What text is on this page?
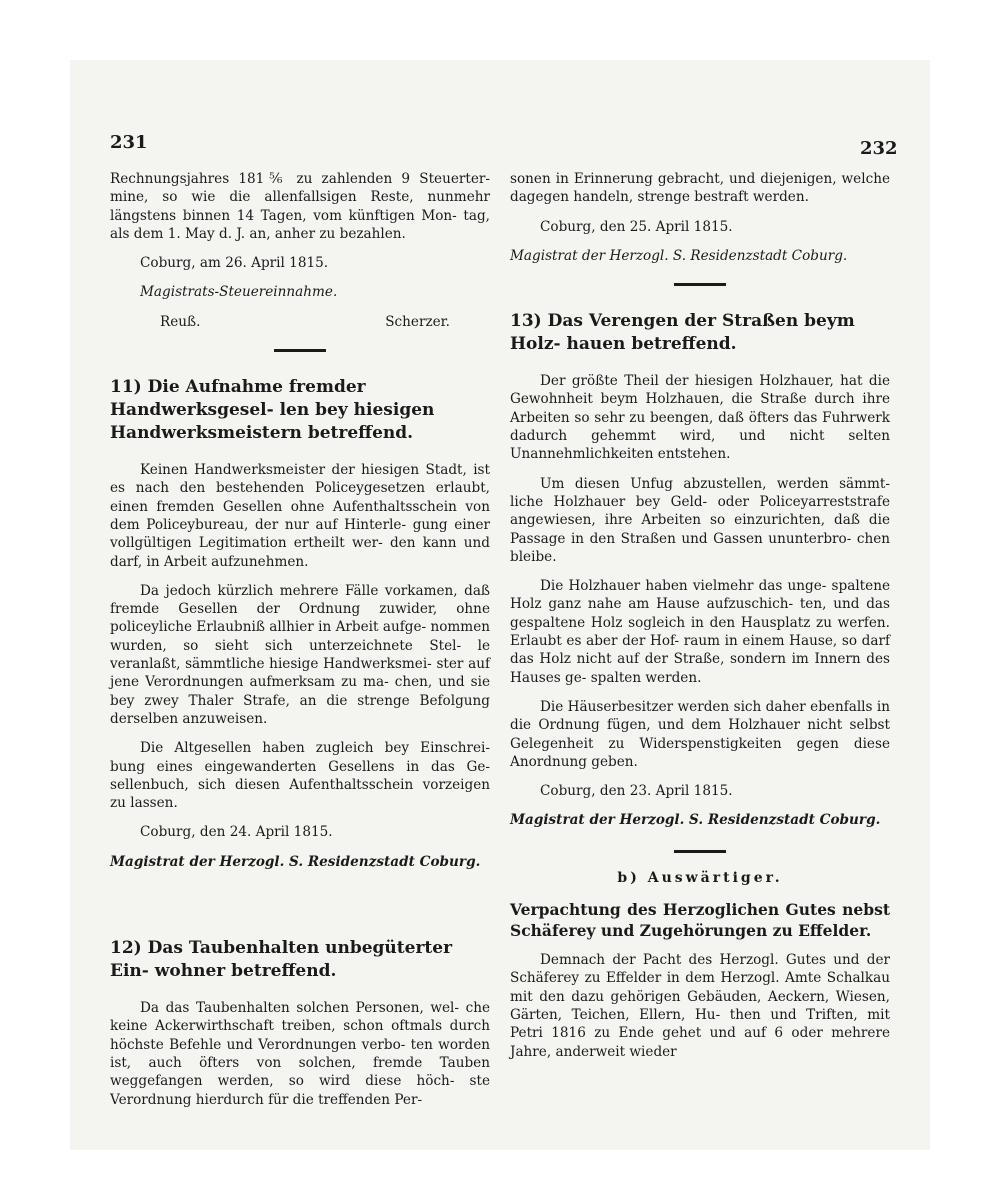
231	232

Rechnungsjahres 181⅚ zu zahlenden 9 Steuerter- mine, so wie die allenfallsigen Reste, nunmehr längstens binnen 14 Tagen, vom künftigen Mon- tag, als dem 1. May d. J. an, anher zu bezahlen.

Coburg, am 26. April 1815.

Magistrats-Steuereinnahme.

Reuß.	Scherzer.
11) Die Aufnahme fremder Handwerksgesel- len bey hiesigen Handwerksmeistern betreffend.

Keinen Handwerksmeister der hiesigen Stadt, ist es nach den bestehenden Policeygesetzen erlaubt, einen fremden Gesellen ohne Aufenthaltsschein von dem Policeybureau, der nur auf Hinterle- gung einer vollgültigen Legitimation ertheilt wer- den kann und darf, in Arbeit aufzunehmen.

Da jedoch kürzlich mehrere Fälle vorkamen, daß fremde Gesellen der Ordnung zuwider, ohne policeyliche Erlaubniß allhier in Arbeit aufge- nommen wurden, so sieht sich unterzeichnete Stel- le veranlaßt, sämmtliche hiesige Handwerksmei- ster auf jene Verordnungen aufmerksam zu ma- chen, und sie bey zwey Thaler Strafe, an die strenge Befolgung derselben anzuweisen.

Die Altgesellen haben zugleich bey Einschrei- bung eines eingewanderten Gesellens in das Ge- sellenbuch, sich diesen Aufenthaltsschein vorzeigen zu lassen.

Coburg, den 24. April 1815.

Magistrat der Herzogl. S. Residenzstadt Coburg.

12) Das Taubenhalten unbegüterter Ein- wohner betreffend.

Da das Taubenhalten solchen Personen, wel- che keine Ackerwirthschaft treiben, schon oftmals durch höchste Befehle und Verordnungen verbo- ten worden ist, auch öfters von solchen, fremde Tauben weggefangen werden, so wird diese höch- ste Verordnung hierdurch für die treffenden Per-

sonen in Erinnerung gebracht, und diejenigen, welche dagegen handeln, strenge bestraft werden.

Coburg, den 25. April 1815.

Magistrat der Herzogl. S. Residenzstadt Coburg.

13) Das Verengen der Straßen beym Holz- hauen betreffend.

Der größte Theil der hiesigen Holzhauer, hat die Gewohnheit beym Holzhauen, die Straße durch ihre Arbeiten so sehr zu beengen, daß öfters das Fuhrwerk dadurch gehemmt wird, und nicht selten Unannehmlichkeiten entstehen.

Um diesen Unfug abzustellen, werden sämmt- liche Holzhauer bey Geld- oder Policeyarreststrafe angewiesen, ihre Arbeiten so einzurichten, daß die Passage in den Straßen und Gassen ununterbro- chen bleibe.

Die Holzhauer haben vielmehr das unge- spaltene Holz ganz nahe am Hause aufzuschich- ten, und das gespaltene Holz sogleich in den Hausplatz zu werfen. Erlaubt es aber der Hof- raum in einem Hause, so darf das Holz nicht auf der Straße, sondern im Innern des Hauses ge- spalten werden.

Die Häuserbesitzer werden sich daher ebenfalls in die Ordnung fügen, und dem Holzhauer nicht selbst Gelegenheit zu Widerspenstigkeiten gegen diese Anordnung geben.

Coburg, den 23. April 1815.

Magistrat der Herzogl. S. Residenzstadt Coburg.

b) Auswärtiger.

Verpachtung des Herzoglichen Gutes nebst Schäferey und Zugehörungen zu Effelder.

Demnach der Pacht des Herzogl. Gutes und der Schäferey zu Effelder in dem Herzogl. Amte Schalkau mit den dazu gehörigen Gebäuden, Aeckern, Wiesen, Gärten, Teichen, Ellern, Hu- then und Triften, mit Petri 1816 zu Ende gehet und auf 6 oder mehrere Jahre, anderweit wieder
